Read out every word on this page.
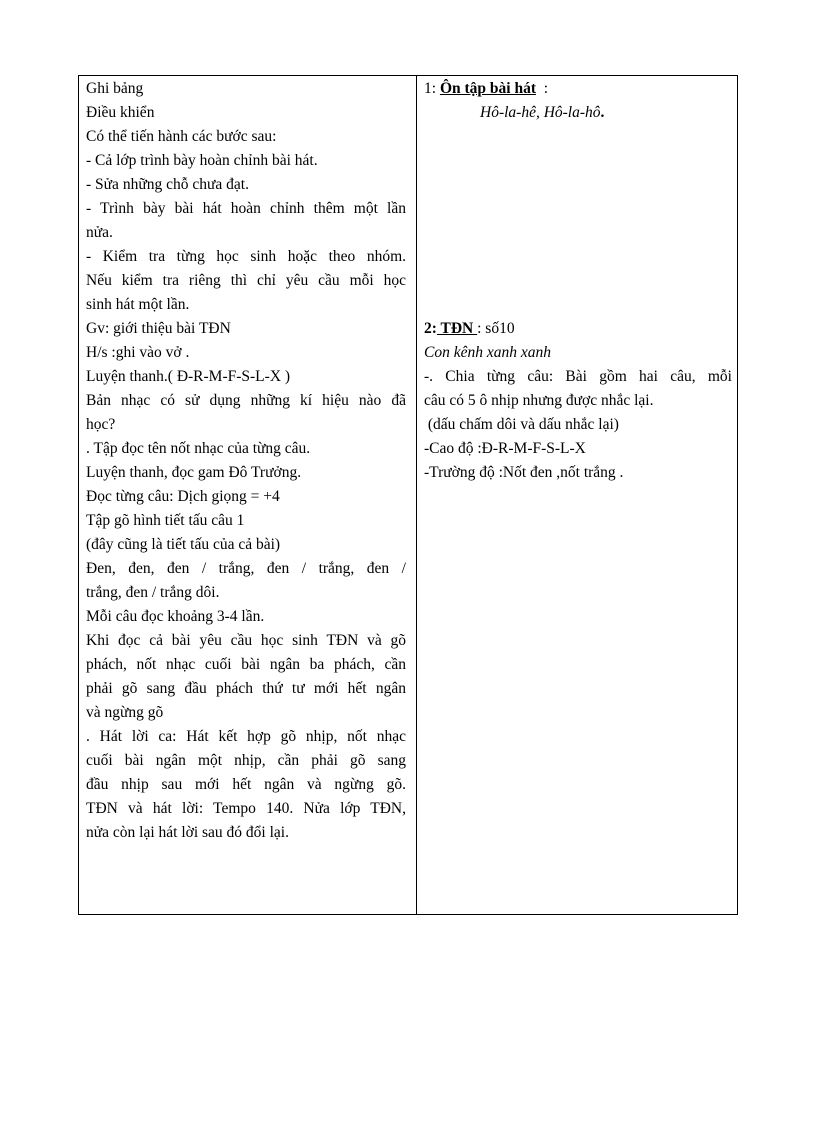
Ghi bảng
Điều khiển
Có thể tiến hành các bước sau:
- Cả lớp trình bày hoàn chỉnh bài hát.
- Sửa những chỗ chưa đạt.
- Trình bày bài hát hoàn chỉnh thêm một lần
nửa.
- Kiểm tra từng học sinh hoặc theo nhóm.
Nếu kiểm tra riêng thì chỉ yêu cầu mỗi học
sinh hát một lần.
Gv: giới thiệu bài TĐN
H/s :ghi vào vở .
Luyện thanh.( Đ-R-M-F-S-L-X )
Bản nhạc có sử dụng những kí hiệu nào đã
học?
. Tập đọc tên nốt nhạc của từng câu.
Luyện thanh, đọc gam Đô Trưởng.
Đọc từng câu: Dịch giọng = +4
Tập gõ hình tiết tấu câu 1
(đây cũng là tiết tấu của cả bài)
Đen, đen, đen / trắng, đen / trắng, đen /
trắng, đen / trắng dôi.
Mỗi câu đọc khoảng 3-4 lần.
Khi đọc cả bài yêu cầu học sinh TĐN và gõ
phách, nốt nhạc cuối bài ngân ba phách, cần
phải gõ sang đầu phách thứ tư mới hết ngân
và ngừng gõ
. Hát lời ca: Hát kết hợp gõ nhịp, nốt nhạc
cuối bài ngân một nhịp, cần phải gõ sang
đầu nhịp sau mới hết ngân và ngừng gõ.
TĐN và hát lời: Tempo 140. Nửa lớp TĐN,
nửa còn lại hát lời sau đó đổi lại.
1: Ôn tập bài hát  :
Hô-la-hê, Hô-la-hô.
2: TĐN : số10
Con kênh xanh xanh
-. Chia từng câu: Bài gồm hai câu, mỗi
câu có 5 ô nhịp nhưng được nhắc lại.
(dấu chấm dôi và dấu nhắc lại)
-Cao độ :Đ-R-M-F-S-L-X
-Trường độ :Nốt đen ,nốt trắng .
